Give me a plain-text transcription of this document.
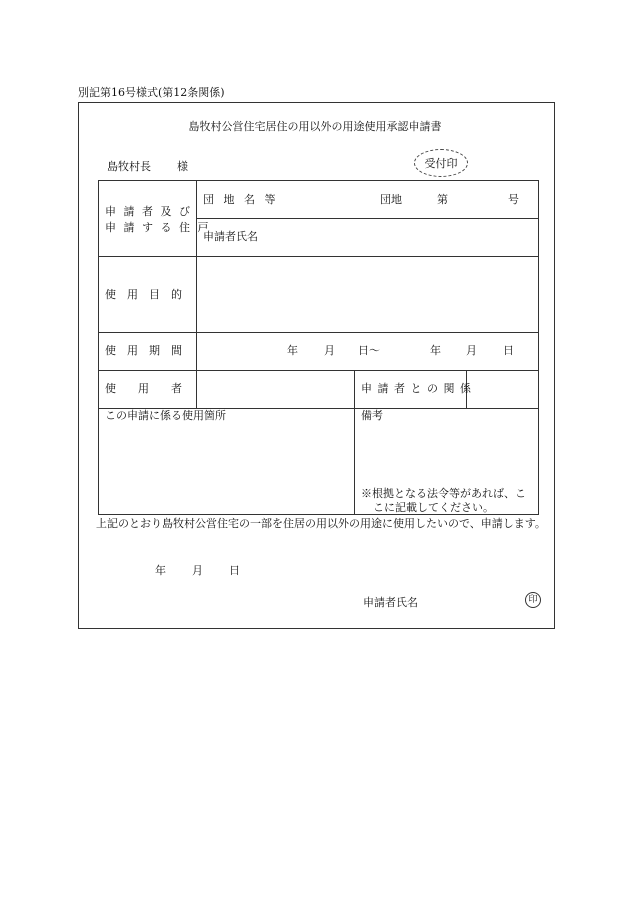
別記第16号様式(第12条関係)
島牧村公営住宅居住の用以外の用途使用承認申請書
島牧村長 様	受付印
申 請 者 及 び
申 請 す る 住 戸
団 地 名 等	団地	第	号
申請者氏名
使　用　目　的
使　用　期　間	年 月 日〜	年 月 日
使　　用　　者	申 請 者 と の 関 係
この申請に係る使用箇所	備考
※根拠となる法令等があれば、こ
こに記載してください。
上記のとおり島牧村公営住宅の一部を住居の用以外の用途に使用したいので、申請します。
年 月 日
申請者氏名	印
